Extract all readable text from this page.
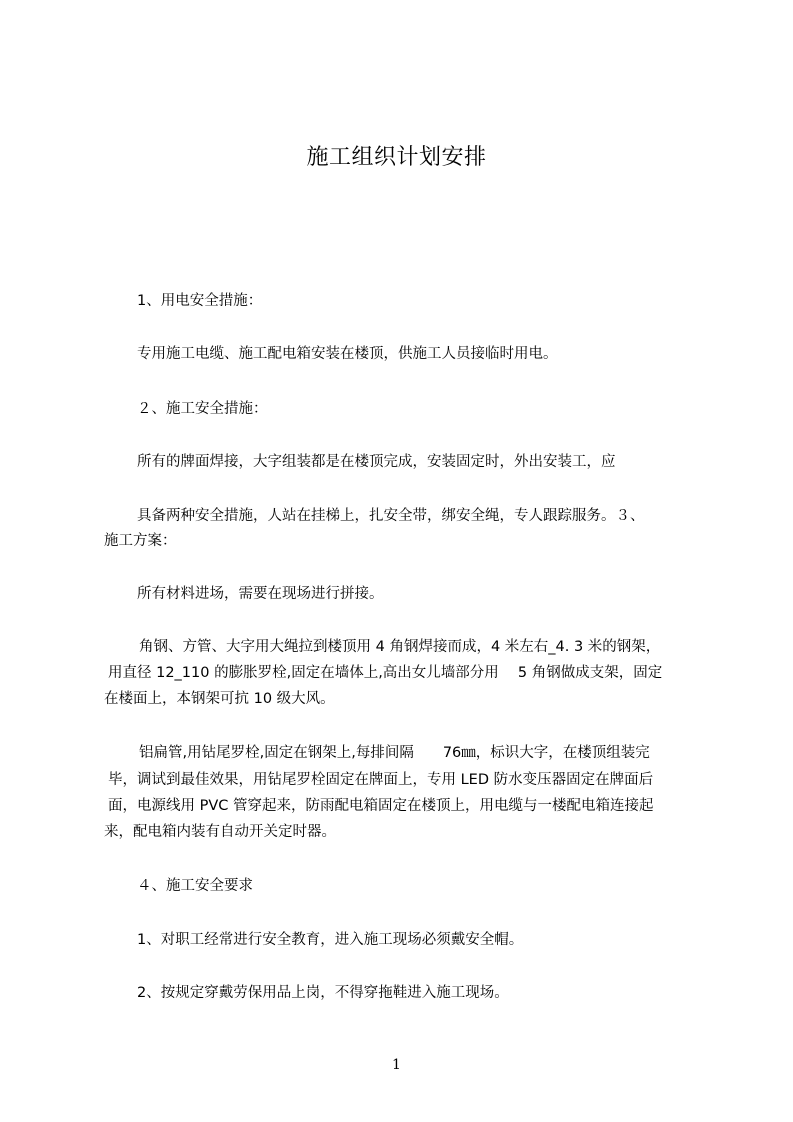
施工组织计划安排
1、用电安全措施：
专用施工电缆、施工配电箱安装在楼顶，供施工人员接临时用电。
２、施工安全措施：
所有的牌面焊接，大字组装都是在楼顶完成，安装固定时，外出安装工，应
具备两种安全措施，人站在挂梯上，扎安全带，绑安全绳，专人跟踪服务。３、
施工方案：
所有材料进场，需要在现场进行拼接。
角钢、方管、大字用大绳拉到楼顶用 4 角钢焊接而成，4 米左右_4. 3 米的钢架，
用直径 12_110 的膨胀罗栓,固定在墙体上,高出女儿墙部分用　 5 角钢做成支架，固定
在楼面上，本钢架可抗 10 级大风。
铝扁管,用钻尾罗栓,固定在钢架上,每排间隔　　76㎜，标识大字，在楼顶组装完
毕，调试到最佳效果，用钻尾罗栓固定在牌面上，专用 LED 防水变压器固定在牌面后
面，电源线用 PVC 管穿起来，防雨配电箱固定在楼顶上，用电缆与一楼配电箱连接起
来，配电箱内装有自动开关定时器。
４、施工安全要求
1、对职工经常进行安全教育，进入施工现场必须戴安全帽。
2、按规定穿戴劳保用品上岗，不得穿拖鞋进入施工现场。
1
